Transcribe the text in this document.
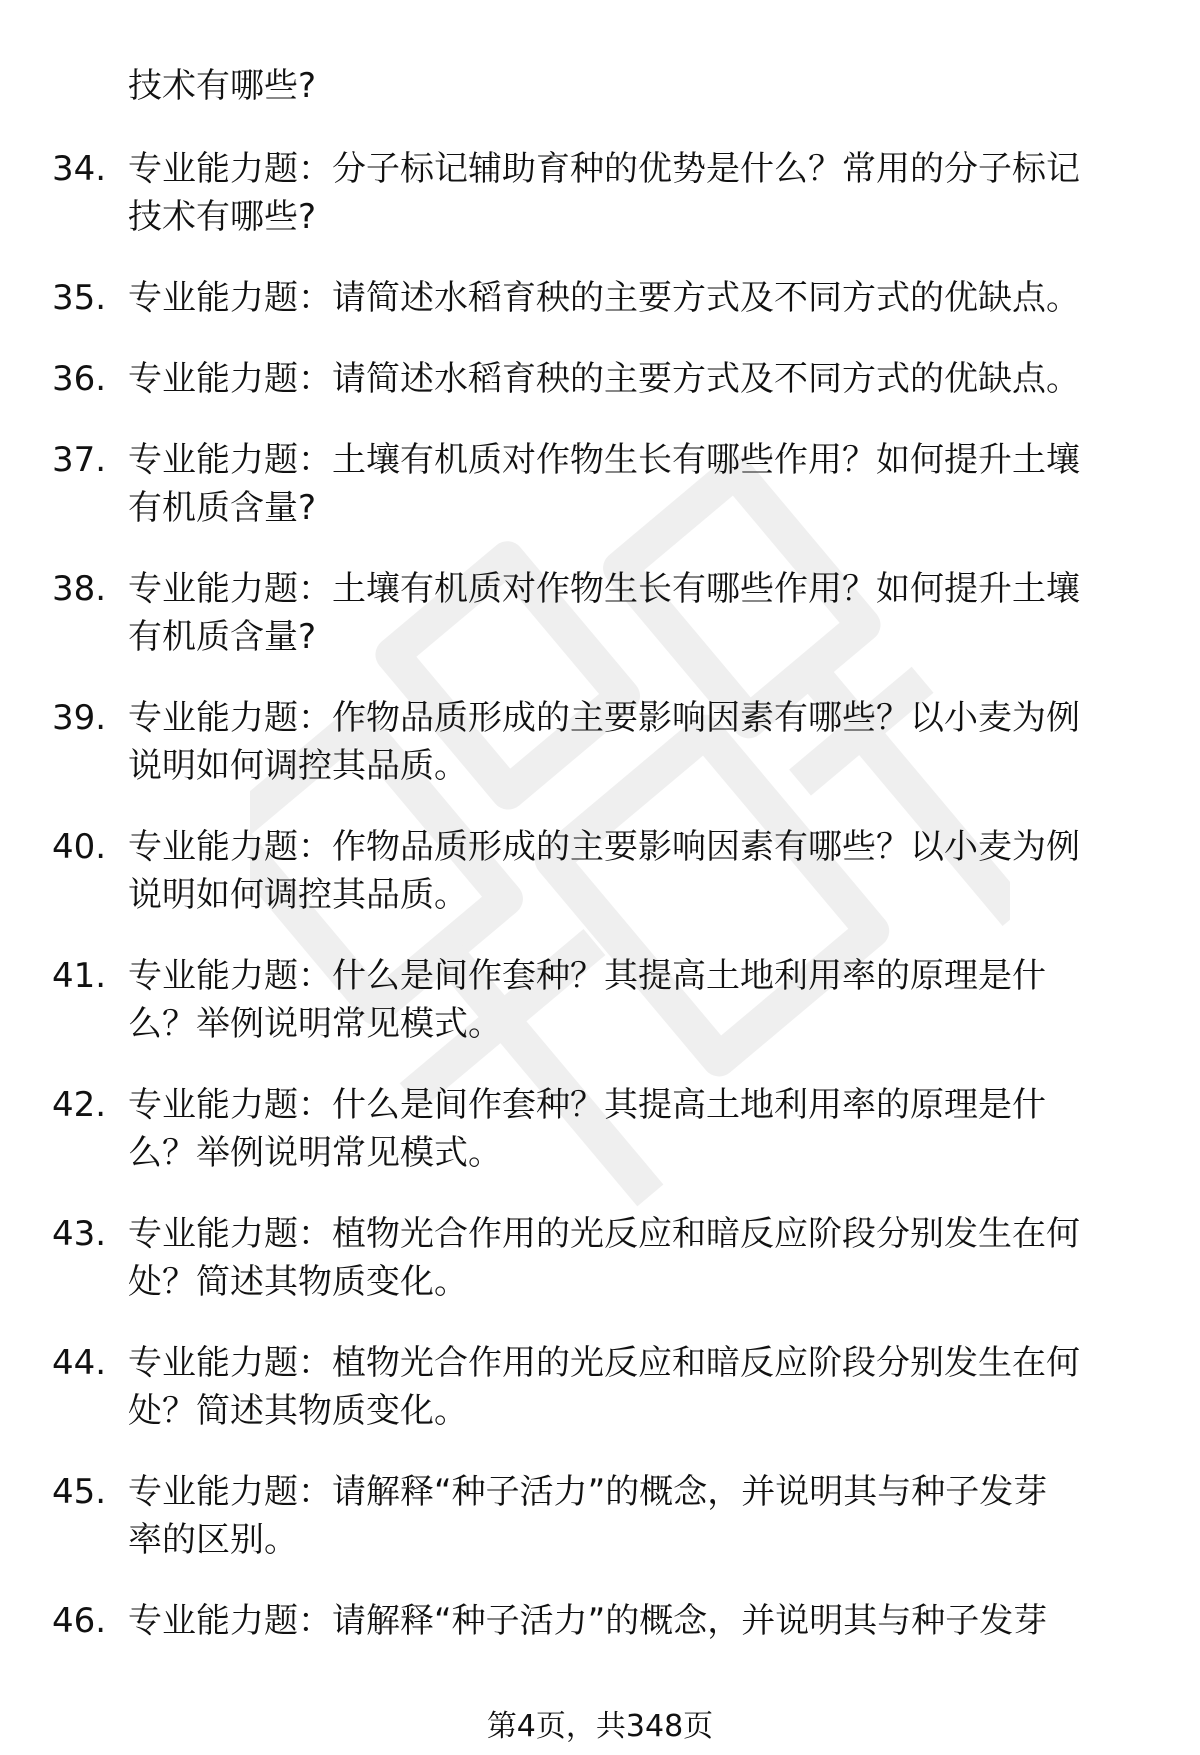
技术有哪些?
34. 专业能力题：分子标记辅助育种的优势是什么？常用的分子标记
技术有哪些?
35. 专业能力题：请简述水稻育秧的主要方式及不同方式的优缺点。
36. 专业能力题：请简述水稻育秧的主要方式及不同方式的优缺点。
37. 专业能力题：土壤有机质对作物生长有哪些作用？如何提升土壤
有机质含量?
38. 专业能力题：土壤有机质对作物生长有哪些作用？如何提升土壤
有机质含量?
39. 专业能力题：作物品质形成的主要影响因素有哪些？以小麦为例
说明如何调控其品质。
40. 专业能力题：作物品质形成的主要影响因素有哪些？以小麦为例
说明如何调控其品质。
41. 专业能力题：什么是间作套种？其提高土地利用率的原理是什
么？举例说明常见模式。
42. 专业能力题：什么是间作套种？其提高土地利用率的原理是什
么？举例说明常见模式。
43. 专业能力题：植物光合作用的光反应和暗反应阶段分别发生在何
处？简述其物质变化。
44. 专业能力题：植物光合作用的光反应和暗反应阶段分别发生在何
处？简述其物质变化。
45. 专业能力题：请解释“种子活力”的概念，并说明其与种子发芽
率的区别。
46. 专业能力题：请解释“种子活力”的概念，并说明其与种子发芽
第4页，共348页
